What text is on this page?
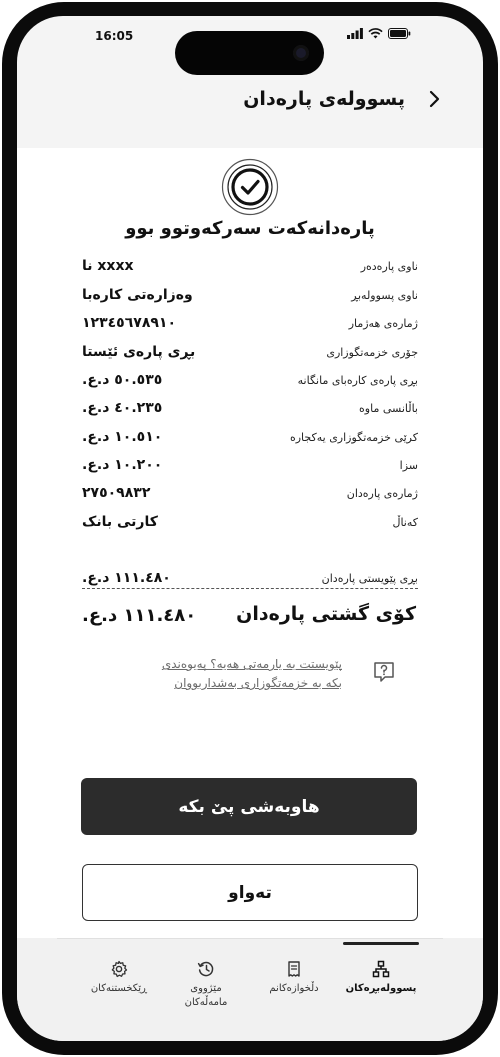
16:05
پسوولەی پارەدان
پارەدانەکەت سەرکەوتوو بوو
ناوی پارەدەر
xxxx نا
ناوی پسوولەبڕ
وەزارەتی کارەبا
ژمارەی هەژمار
١٢٣٤٥٦٧٨٩١٠
جۆری خزمەتگوزاری
بڕی پارەی ئێستا
بڕی پارەی کارەبای مانگانە
٥٠.٥٣٥ د.ع.
باڵانسی ماوە
٤٠.٢٣٥ د.ع.
کرێی خزمەتگوزاری یەکجارە
١٠.٥١٠ د.ع.
سزا
١٠.٢٠٠ د.ع.
ژمارەی پارەدان
٢٧٥٠٩٨٣٢
کەناڵ
کارتی بانک
بڕی پێویستی پارەدان
١١١.٤٨٠ د.ع.
کۆی گشتی پارەدان
١١١.٤٨٠ د.ع.
پێویستت بە یارمەتی هەیە؟ پەیوەندی
بکە بە خزمەتگوزاری بەشداربووان
هاوبەشی پێ بکە
تەواو
ڕێکخستنەکان	مێژووی مامەڵەکان
دڵخوازەکانم	پسوولەبڕەکان
